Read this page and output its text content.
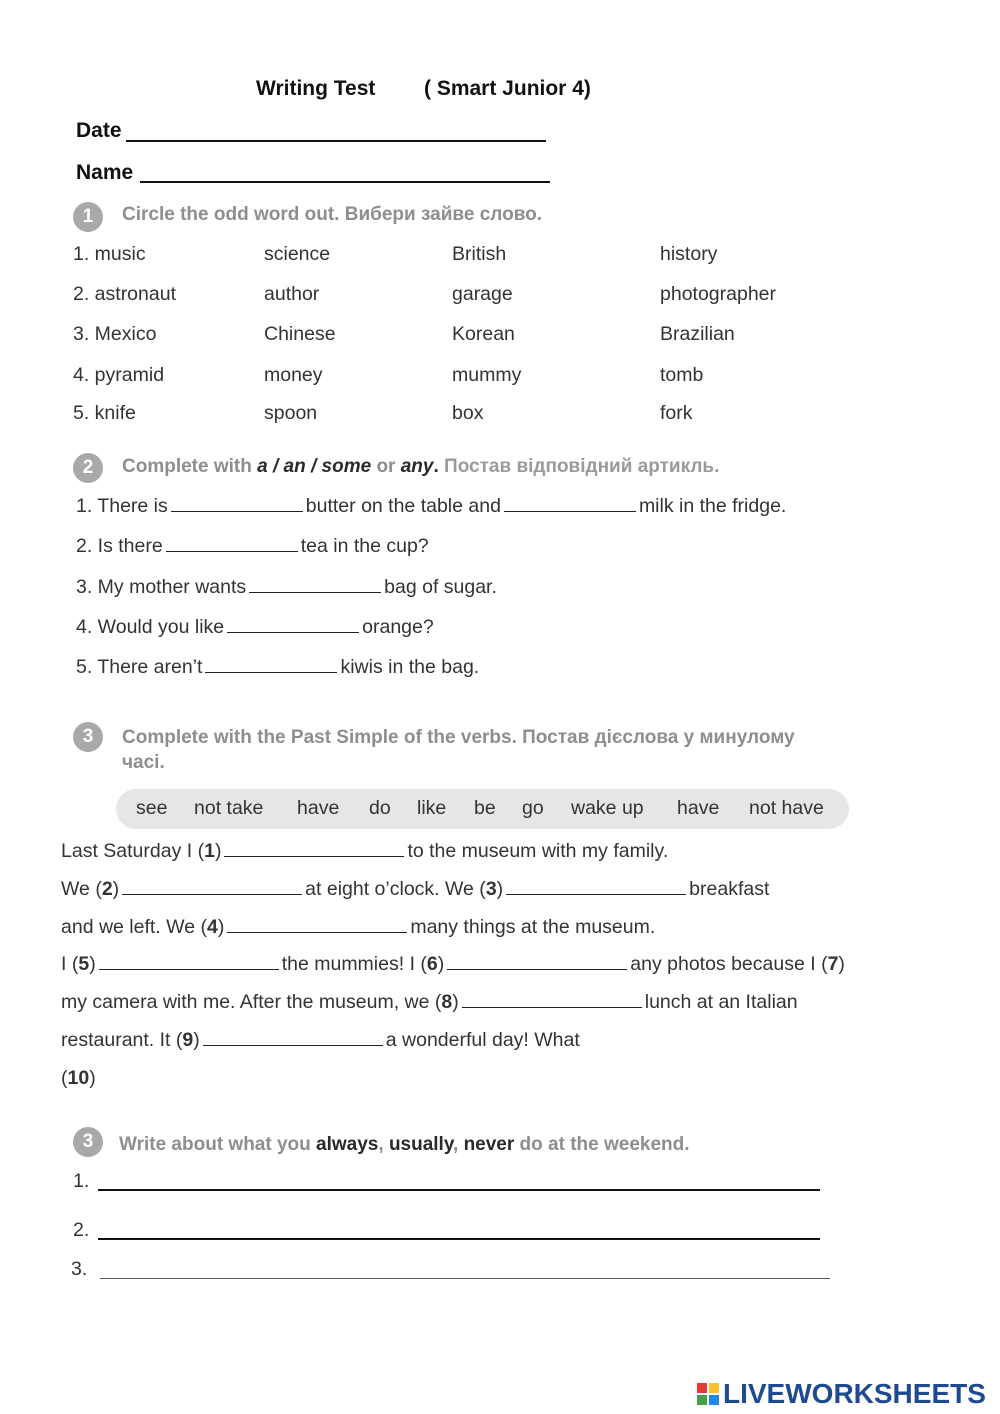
Writing Test ( Smart Junior 4)
Date
Name
1	Circle the odd word out. Вибери зайве слово.
1. music	science	British	history
2. astronaut	author	garage	photographer
3. Mexico	Chinese	Korean	Brazilian
4. pyramid	money	mummy	tomb
5. knife	spoon	box	fork
2	Complete with a / an / some or any. Постав відповідний артикль.
1. There is	butter on the table and	milk in the fridge.
2. Is there	tea in the cup?
3. My mother wants	bag of sugar.
4. Would you like	orange?
5. There aren’t	kiwis in the bag.
3	Complete with the Past Simple of the verbs. Постав дієслова у минулому
часі.
see not take have do like be go wake up have not have
Last Saturday I (1)	to the museum with my family.
We (2)	at eight o’clock. We (3)	breakfast
and we left. We (4)	many things at the museum.
I (5)	the mummies! I (6)	any photos because I (7)
my camera with me. After the museum, we (8)	lunch at an Italian
restaurant. It (9)	a wonderful day! What
(10)
3	Write about what you always, usually, never do at the weekend.
1.
2.
3.
LIVEWORKSHEETS
